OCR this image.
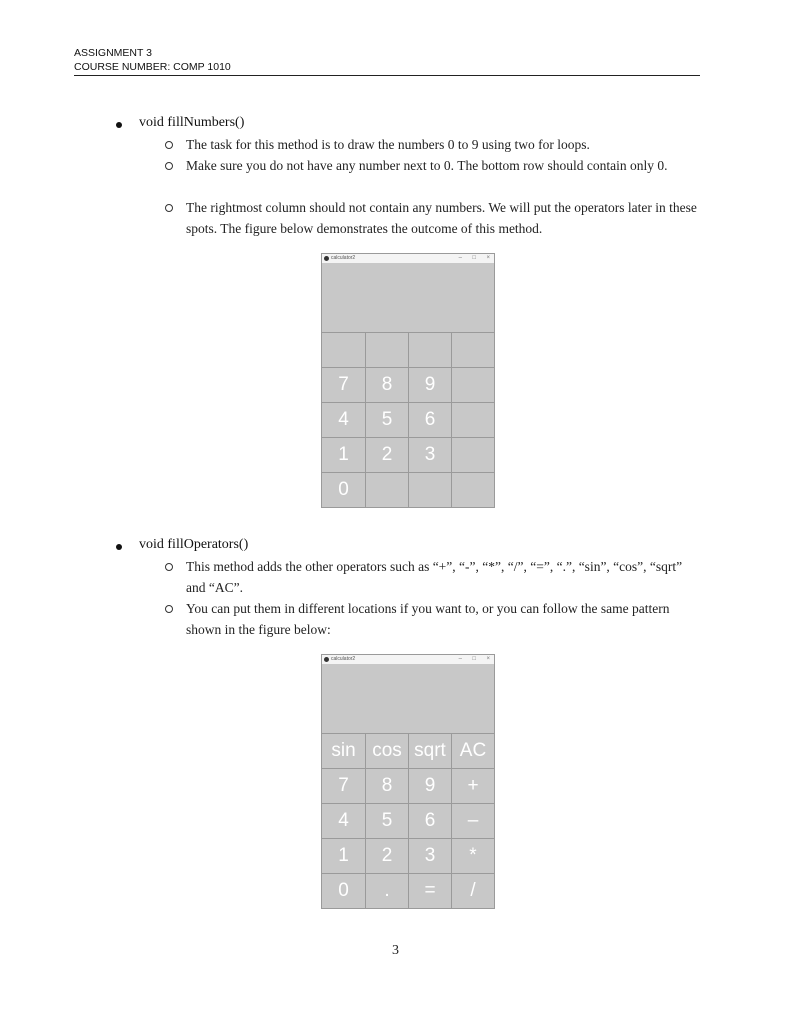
ASSIGNMENT 3
COURSE NUMBER: COMP 1010
void fillNumbers()
The task for this method is to draw the numbers 0 to 9 using two for loops.
Make sure you do not have any number next to 0. The bottom row should contain only 0.
The rightmost column should not contain any numbers. We will put the operators later in these spots. The figure below demonstrates the outcome of this method.
calculator2	– □ ×
7	8	9
4	5	6
1	2	3
0
void fillOperators()
This method adds the other operators such as “+”, “-”, “*”, “/”, “=”, “.”, “sin”, “cos”, “sqrt” and “AC”.
You can put them in different locations if you want to, or you can follow the same pattern shown in the figure below:
calculator2	– □ ×
sin cos sqrt AC
7	8	9	+
4	5	6	–
1	2	3	*
0	.	=	/
3
